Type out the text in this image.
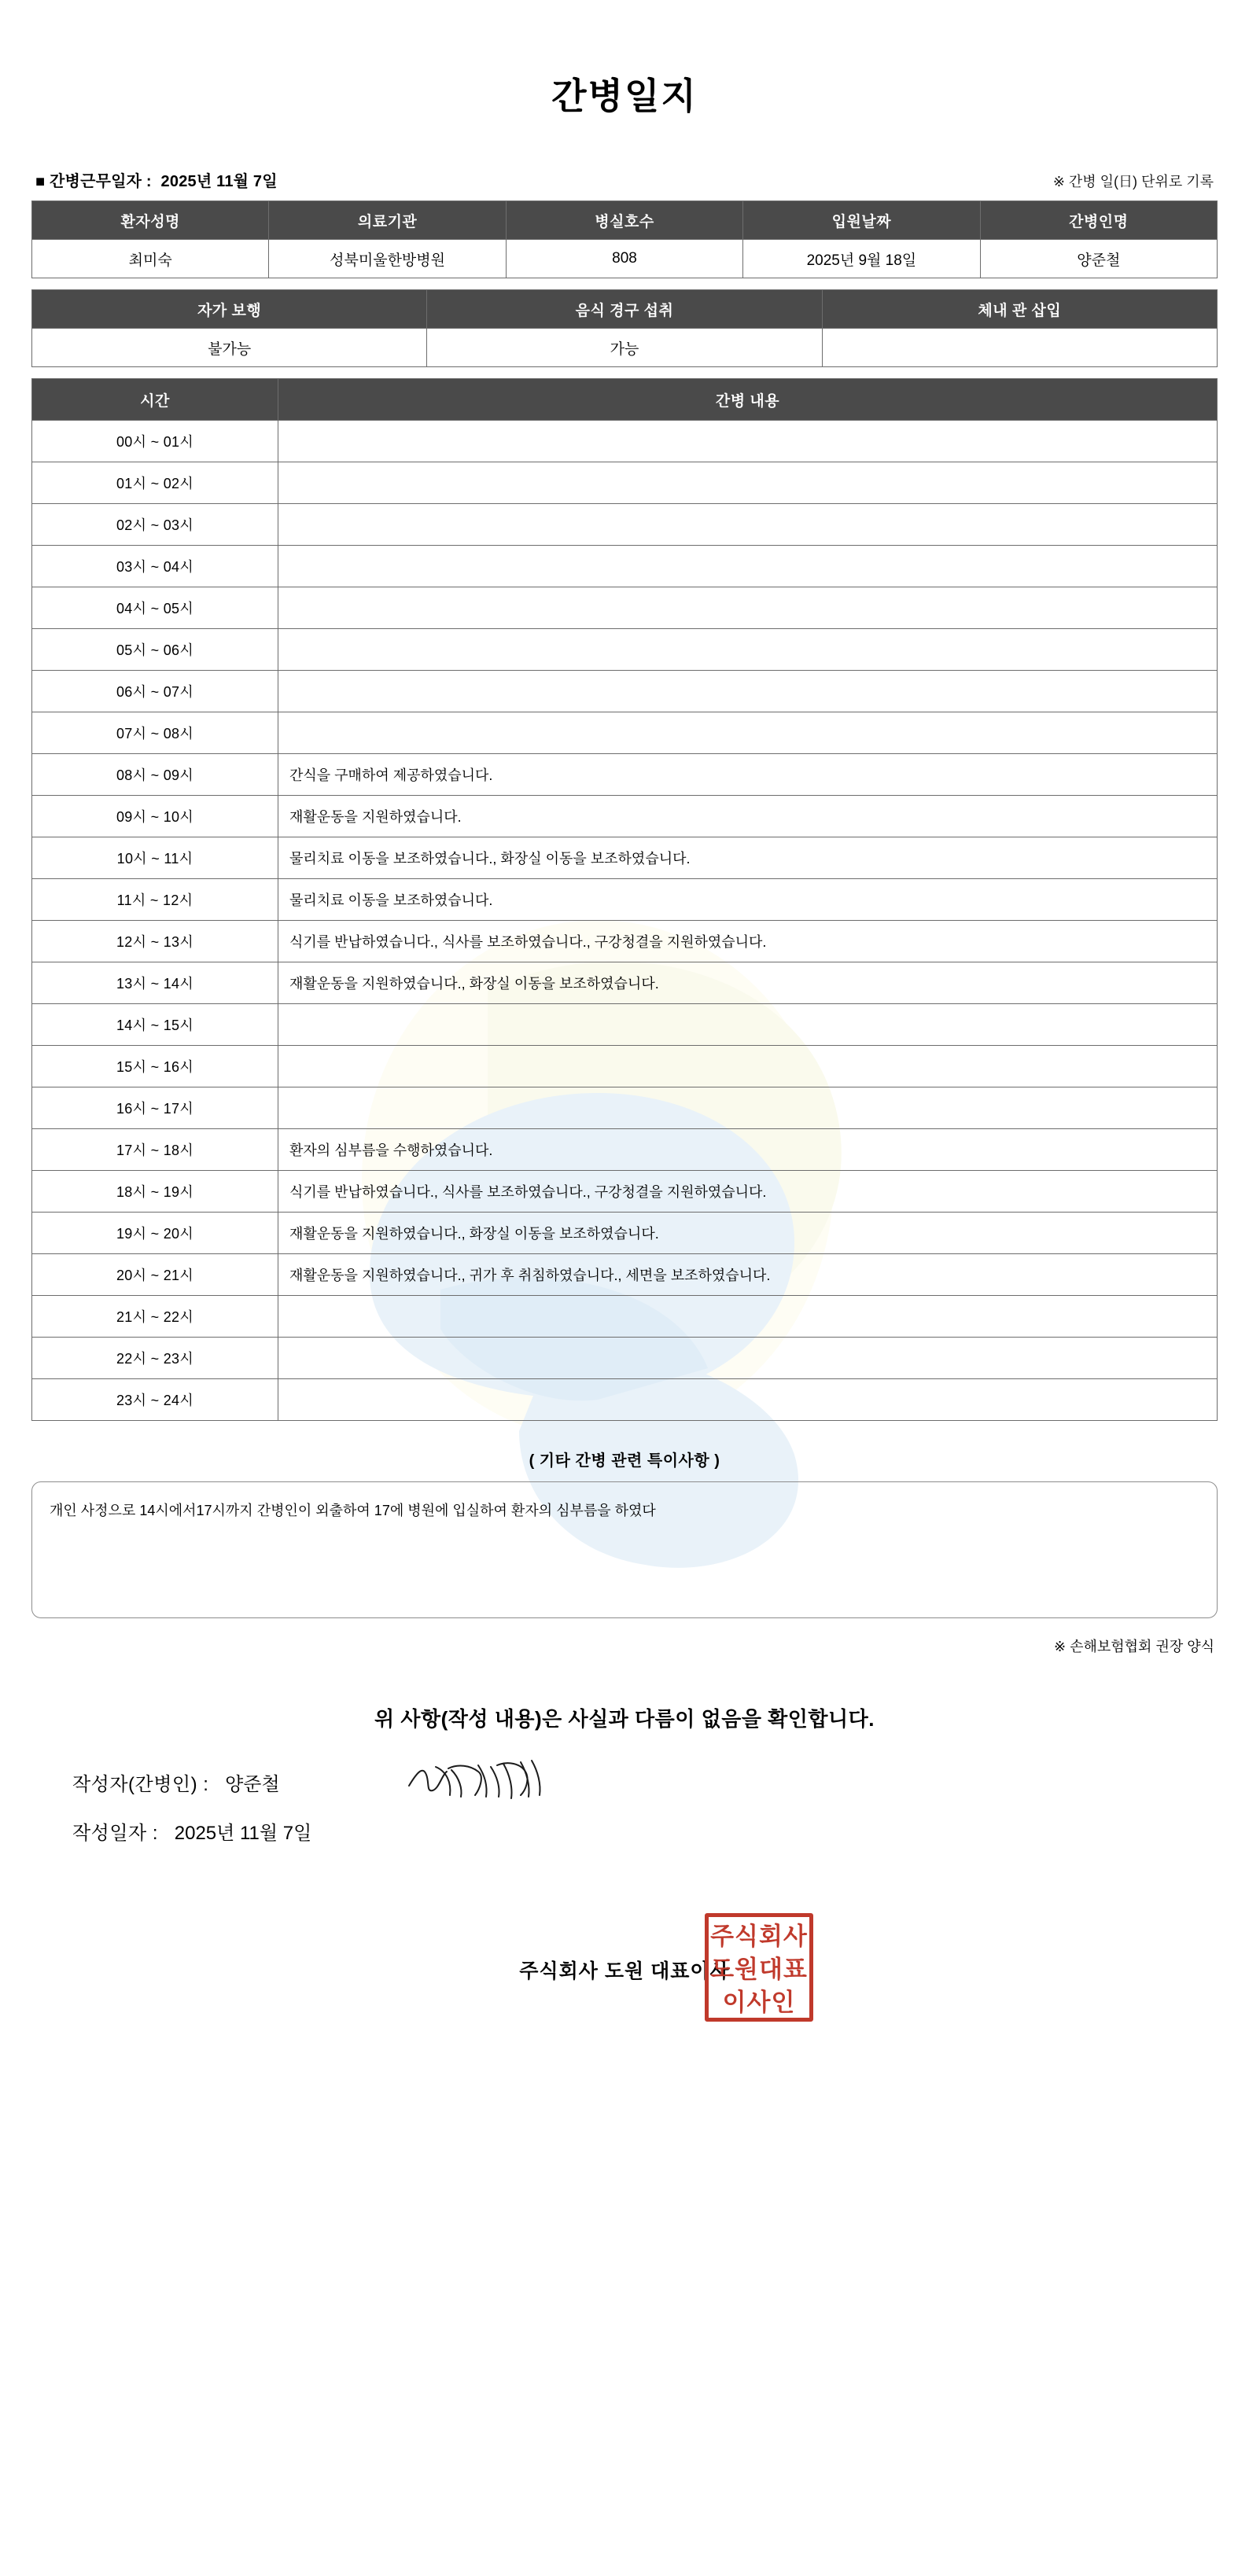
간병일지
■ 간병근무일자 : 2025년 11월 7일	※ 간병 일(日) 단위로 기록
환자성명	의료기관	병실호수	입원날짜	간병인명
최미숙	성북미울한방병원	808	2025년 9월 18일	양준철
자가 보행	음식 경구 섭취	체내 관 삽입
불가능	가능	
시간	간병 내용
00시 ~ 01시	
01시 ~ 02시	
02시 ~ 03시	
03시 ~ 04시	
04시 ~ 05시	
05시 ~ 06시	
06시 ~ 07시	
07시 ~ 08시	
08시 ~ 09시	간식을 구매하여 제공하였습니다.
09시 ~ 10시	재활운동을 지원하였습니다.
10시 ~ 11시	물리치료 이동을 보조하였습니다., 화장실 이동을 보조하였습니다.
11시 ~ 12시	물리치료 이동을 보조하였습니다.
12시 ~ 13시	식기를 반납하였습니다., 식사를 보조하였습니다., 구강청결을 지원하였습니다.
13시 ~ 14시	재활운동을 지원하였습니다., 화장실 이동을 보조하였습니다.
14시 ~ 15시	
15시 ~ 16시	
16시 ~ 17시	
17시 ~ 18시	환자의 심부름을 수행하였습니다.
18시 ~ 19시	식기를 반납하였습니다., 식사를 보조하였습니다., 구강청결을 지원하였습니다.
19시 ~ 20시	재활운동을 지원하였습니다., 화장실 이동을 보조하였습니다.
20시 ~ 21시	재활운동을 지원하였습니다., 귀가 후 취침하였습니다., 세면을 보조하였습니다.
21시 ~ 22시	
22시 ~ 23시	
23시 ~ 24시	
( 기타 간병 관련 특이사항 )
개인 사정으로 14시에서17시까지 간병인이 외출하여 17에 병원에 입실하여 환자의 심부름을 하였다
※ 손해보험협회 권장 양식
위 사항(작성 내용)은 사실과 다름이 없음을 확인합니다.
작성자(간병인) : 양준철
작성일자 : 2025년 11월 7일
주식회사 도원 대표이사
주식회사
도원대표
이사인
